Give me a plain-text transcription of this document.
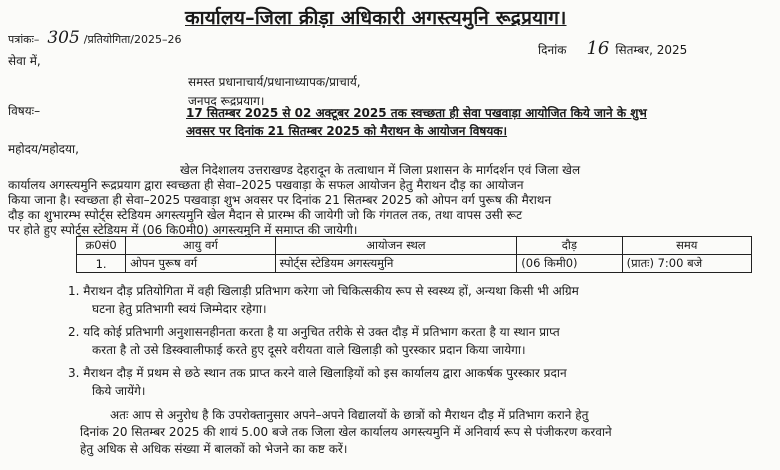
कार्यालय–जिला क्रीड़ा अधिकारी अगस्त्यमुनि रूद्रप्रयाग।
पत्रांकः– 305 /प्रतियोगिता/2025–26
दिनांक 16 सितम्बर, 2025
सेवा में,
समस्त प्रधानाचार्य/प्रधानाध्यापक/प्राचार्य,
जनपद रूद्रप्रयाग।
विषयः–	17 सितम्बर 2025 से 02 अक्टूबर 2025 तक स्वच्छता ही सेवा पखवाड़ा आयोजित किये जाने के शुभ
अवसर पर दिनांक 21 सितम्बर 2025 को मैराथन के आयोजन विषयक।
महोदय/महोदया,
खेल निदेशालय उत्तराखण्ड देहरादून के तत्वाधान में जिला प्रशासन के मार्गदर्शन एवं जिला खेल
कार्यालय अगस्त्यमुनि रूद्रप्रयाग द्वारा स्वच्छता ही सेवा–2025 पखवाड़ा के सफल आयोजन हेतु मैराथन दौड़ का आयोजन
किया जाना है। स्वच्छता ही सेवा–2025 पखवाड़ा शुभ अवसर पर दिनांक 21 सितम्बर 2025 को ओपन वर्ग पुरूष की मैराथन
दौड़ का शुभारम्भ स्पोर्ट्स स्टेडियम अगस्त्यमुनि खेल मैदान से प्रारम्भ की जायेगी जो कि गंगतल तक, तथा वापस उसी रूट
पर होते हुए स्पोर्ट्स स्टेडियम में (06 कि0मी0) अगस्त्यमुनि में समाप्त की जायेगी।
क्र0सं0	आयु वर्ग	आयोजन स्थल	दौड़	समय
1.	ओपन पुरूष वर्ग	स्पोर्ट्स स्टेडियम अगस्त्यमुनि	(06 किमी0)	(प्रातः) 7:00 बजे
1. मैराथन दौड़ प्रतियोगिता में वही खिलाड़ी प्रतिभाग करेगा जो चिकित्सकीय रूप से स्वस्थ्य हों, अन्यथा किसी भी अग्रिम
घटना हेतु प्रतिभागी स्वयं जिम्मेदार रहेगा।
2. यदि कोई प्रतिभागी अनुशासनहीनता करता है या अनुचित तरीके से उक्त दौड़ में प्रतिभाग करता है या स्थान प्राप्त
करता है तो उसे डिस्क्वालीफाई करते हुए दूसरे वरीयता वाले खिलाड़ी को पुरस्कार प्रदान किया जायेगा।
3. मैराथन दौड़ में प्रथम से छठे स्थान तक प्राप्त करने वाले खिलाड़ियों को इस कार्यालय द्वारा आकर्षक पुरस्कार प्रदान
किये जायेंगे।
अतः आप से अनुरोध है कि उपरोक्तानुसार अपने–अपने विद्यालयों के छात्रों को मैराथन दौड़ में प्रतिभाग कराने हेतु
दिनांक 20 सितम्बर 2025 की शायं 5.00 बजे तक जिला खेल कार्यालय अगस्त्यमुनि में अनिवार्य रूप से पंजीकरण करवाने
हेतु अधिक से अधिक संख्या में बालकों को भेजने का कष्ट करें।
